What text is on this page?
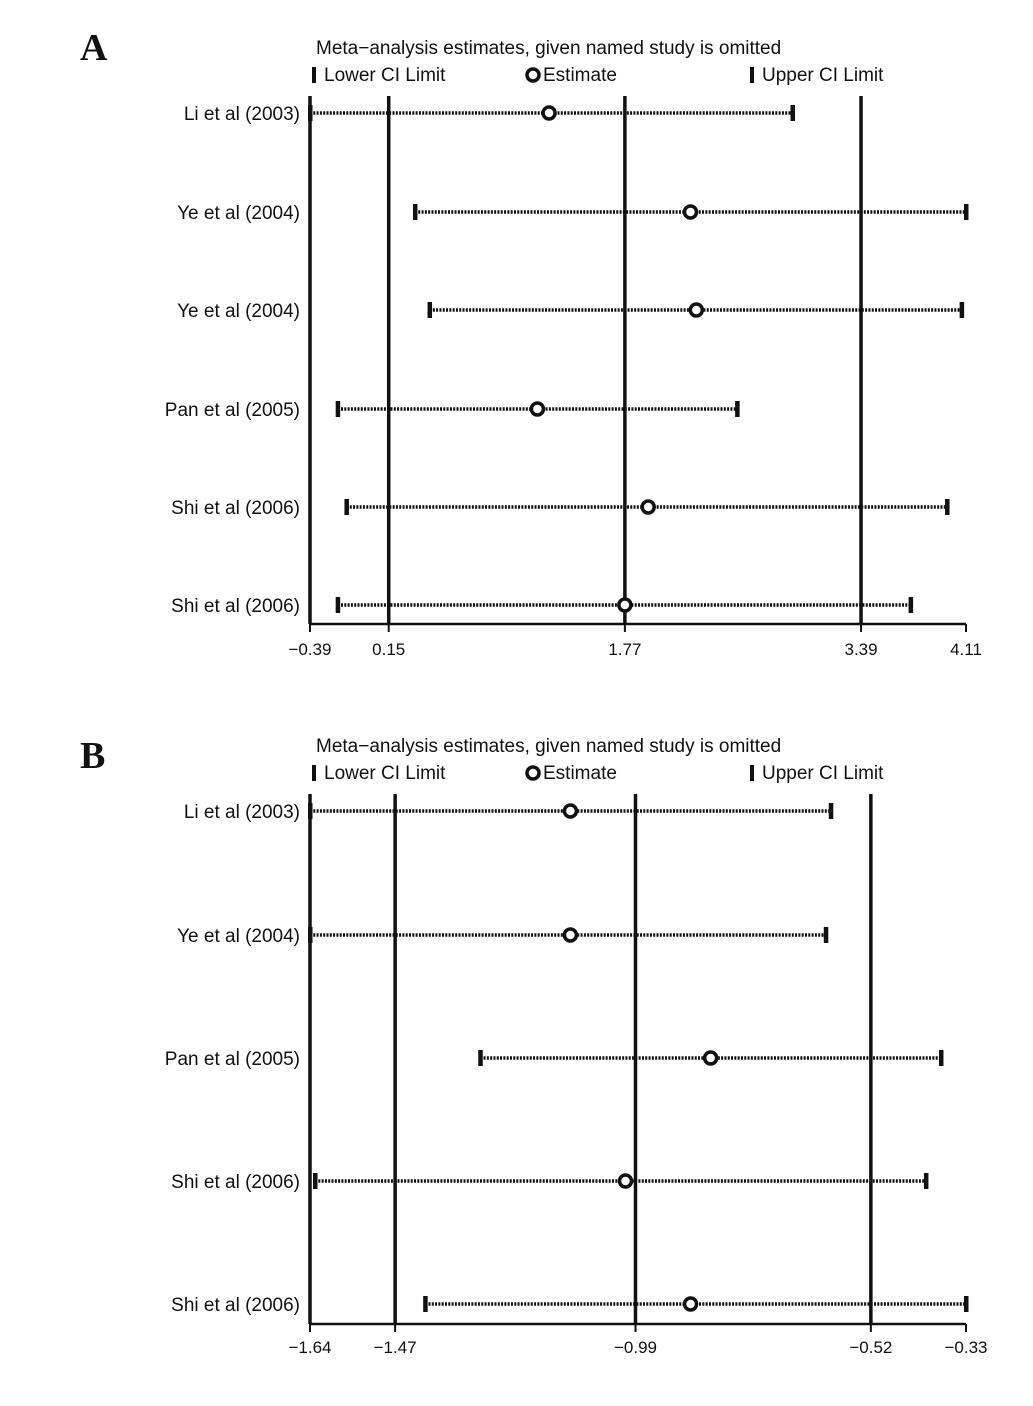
A	Meta−analysis estimates, given named study is omitted
Lower CI Limit	Estimate	Upper CI Limit
−0.39 0.15	1.77	3.39	4.11
Li et al (2003)
Ye et al (2004)
Ye et al (2004)
Pan et al (2005)
Shi et al (2006)
Shi et al (2006)
B	Meta−analysis estimates, given named study is omitted
Lower CI Limit	Estimate	Upper CI Limit
−1.64 −1.47	−0.99	−0.52	−0.33
Li et al (2003)
Ye et al (2004)
Pan et al (2005)
Shi et al (2006)
Shi et al (2006)
